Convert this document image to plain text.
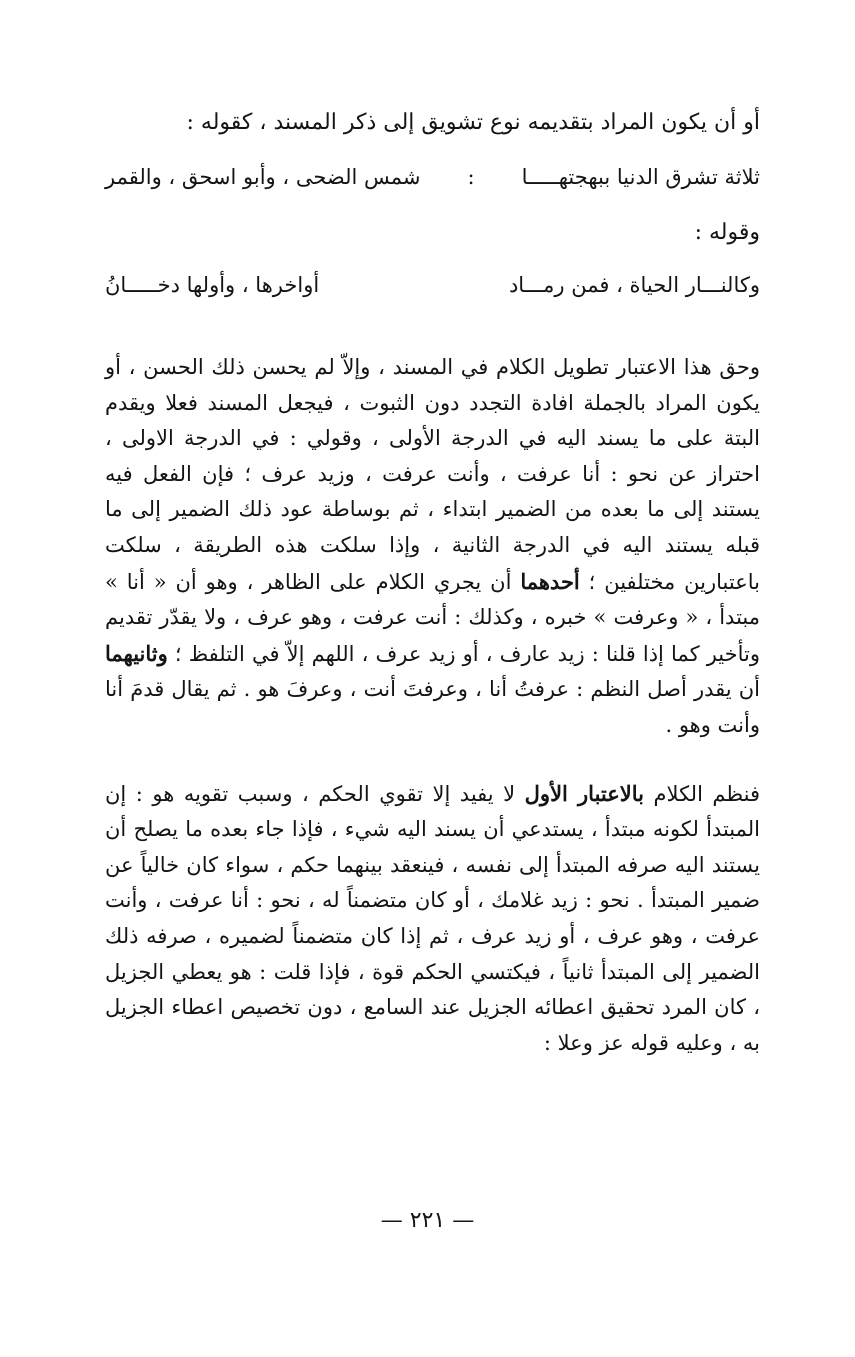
أو أن يكون المراد بتقديمه نوع تشويق إلى ذكر المسند ، كقوله :
ثلاثة تشرق الدنيا ببهجتهـــــا
:
شمس الضحى ، وأبو اسحق ، والقمر
وقوله :
وكالنـــار الحياة ، فمن رمـــاد
أواخرها ، وأولها دخـــــانُ

وحق هذا الاعتبار تطويل الكلام في المسند ، وإلاّ لم يحسن ذلك الحسن ، أو يكون المراد بالجملة افادة التجدد دون الثبوت ، فيجعل المسند فعلا ويقدم البتة على ما يسند اليه في الدرجة الأولى ، وقولي : في الدرجة الاولى ، احتراز عن نحو : أنا عرفت ، وأنت عرفت ، وزيد عرف ؛ فإن الفعل فيه يستند إلى ما بعده من الضمير ابتداء ، ثم بوساطة عود ذلك الضمير إلى ما قبله يستند اليه في الدرجة الثانية ، وإذا سلكت هذه الطريقة ، سلكت باعتبارين مختلفين ؛ أحدهما أن يجري الكلام على الظاهر ، وهو أن « أنا » مبتدأ ، « وعرفت » خبره ، وكذلك : أنت عرفت ، وهو عرف ، ولا يقدّر تقديم وتأخير كما إذا قلنا : زيد عارف ، أو زيد عرف ، اللهم إلاّ في التلفظ ؛ وثانيهما أن يقدر أصل النظم : عرفتُ أنا ، وعرفتَ أنت ، وعرفَ هو . ثم يقال قدمَ أنا وأنت وهو .

فنظم الكلام بالاعتبار الأول لا يفيد إلا تقوي الحكم ، وسبب تقويه هو : إن المبتدأ لكونه مبتدأ ، يستدعي أن يسند اليه شيء ، فإذا جاء بعده ما يصلح أن يستند اليه صرفه المبتدأ إلى نفسه ، فينعقد بينهما حكم ، سواء كان خالياً عن ضمير المبتدأ . نحو : زيد غلامك ، أو كان متضمناً له ، نحو : أنا عرفت ، وأنت عرفت ، وهو عرف ، أو زيد عرف ، ثم إذا كان متضمناً لضميره ، صرفه ذلك الضمير إلى المبتدأ ثانياً ، فيكتسي الحكم قوة ، فإذا قلت : هو يعطي الجزيل ، كان المرد تحقيق اعطائه الجزيل عند السامع ، دون تخصيص اعطاء الجزيل به ، وعليه قوله عز وعلا :

— ٢٢١ —
